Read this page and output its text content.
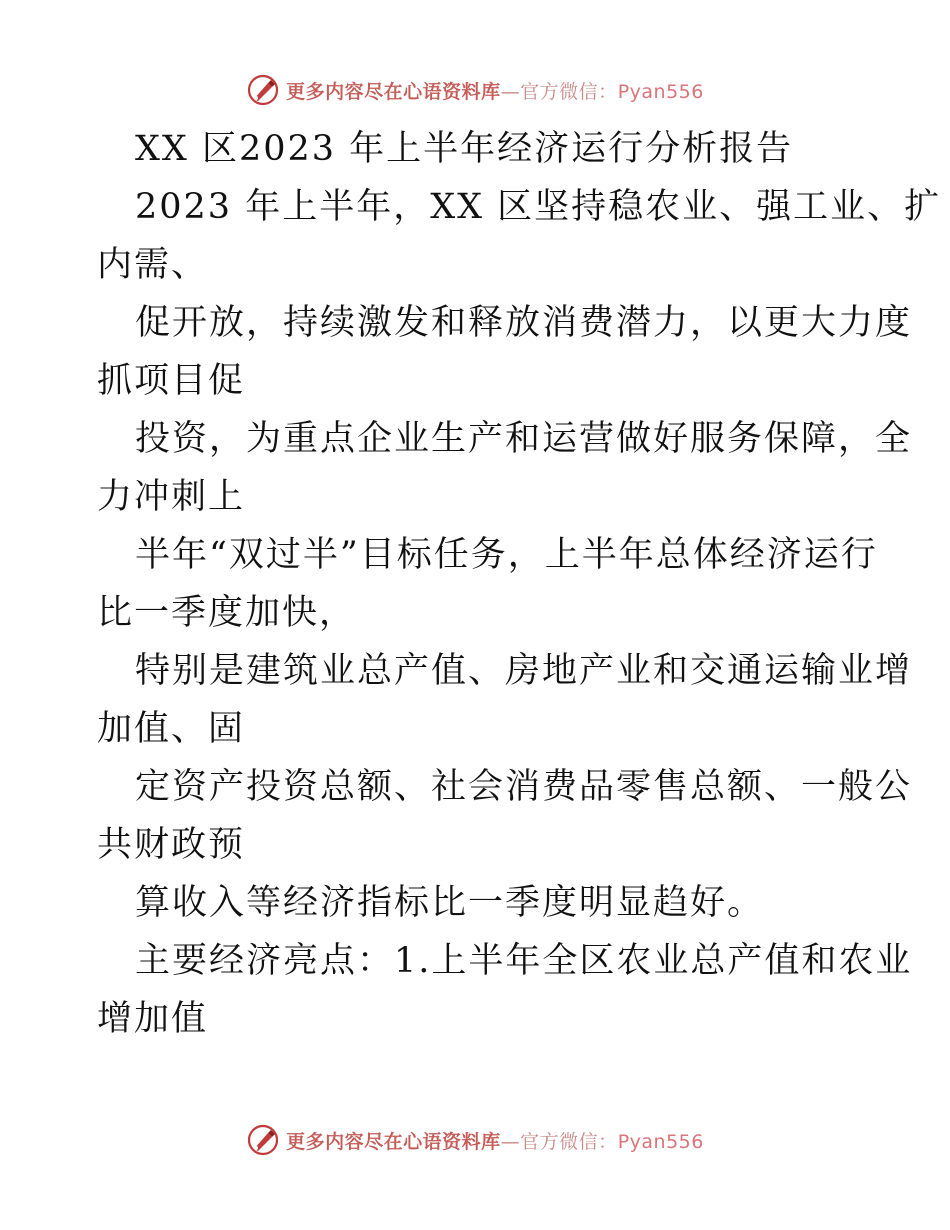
更多内容尽在心语资料库—官方微信：Pyan556
XX 区2023 年上半年经济运行分析报告
2023 年上半年，XX 区坚持稳农业、强工业、扩
内需、
促开放，持续激发和释放消费潜力，以更大力度
抓项目促
投资，为重点企业生产和运营做好服务保障，全
力冲刺上
半年“双过半”目标任务，上半年总体经济运行
比一季度加快，
特别是建筑业总产值、房地产业和交通运输业增
加值、固
定资产投资总额、社会消费品零售总额、一般公
共财政预
算收入等经济指标比一季度明显趋好。
主要经济亮点：1.上半年全区农业总产值和农业
增加值
更多内容尽在心语资料库—官方微信：Pyan556
